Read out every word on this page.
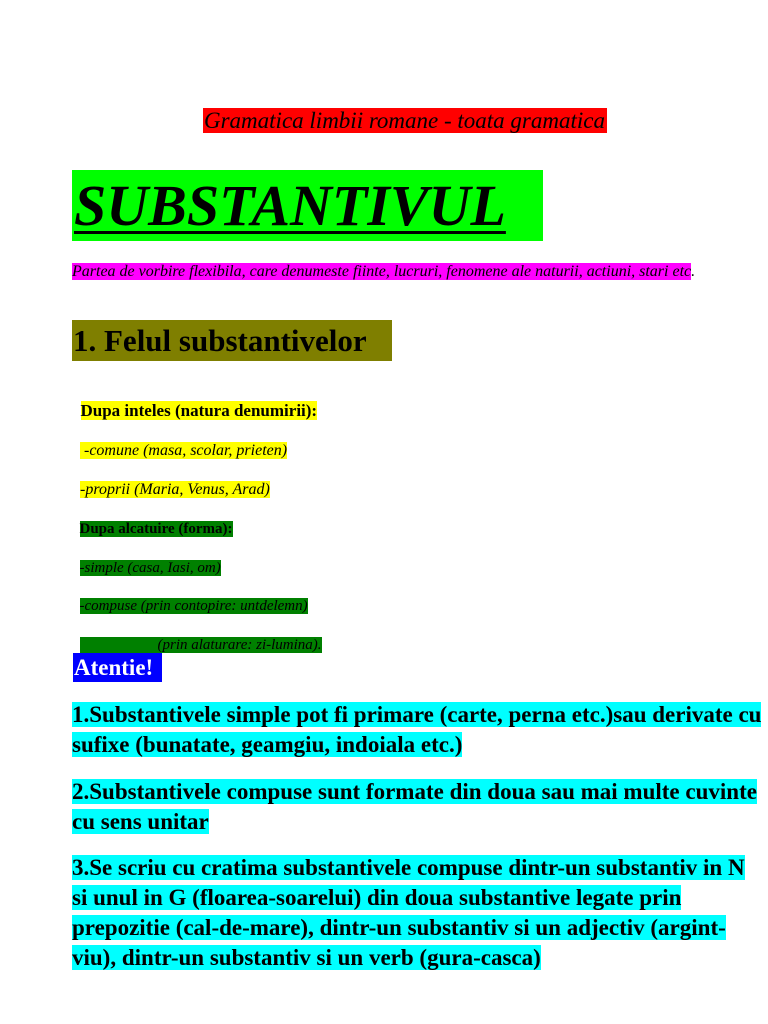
Gramatica limbii romane - toata gramatica
SUBSTANTIVUL
Partea de vorbire flexibila, care denumeste fiinte, lucruri, fenomene ale naturii, actiuni, stari etc.
1. Felul substantivelor

Dupa inteles (natura denumirii):

-comune (masa, scolar, prieten)

-proprii (Maria, Venus, Arad)

Dupa alcatuire (forma):

-simple (casa, Iasi, om)

-compuse (prin contopire: untdelemn)

(prin alaturare: zi-lumina).

Atentie!
1.Substantivele simple pot fi primare (carte, perna etc.)sau derivate cu sufixe (bunatate, geamgiu, indoiala etc.)
2.Substantivele compuse sunt formate din doua sau mai multe cuvinte cu sens unitar
3.Se scriu cu cratima substantivele compuse dintr-un substantiv in N si unul in G (floarea-soarelui) din doua substantive legate prin prepozitie (cal-de-mare), dintr-un substantiv si un adjectiv (argint-viu), dintr-un substantiv si un verb (gura-casca)
